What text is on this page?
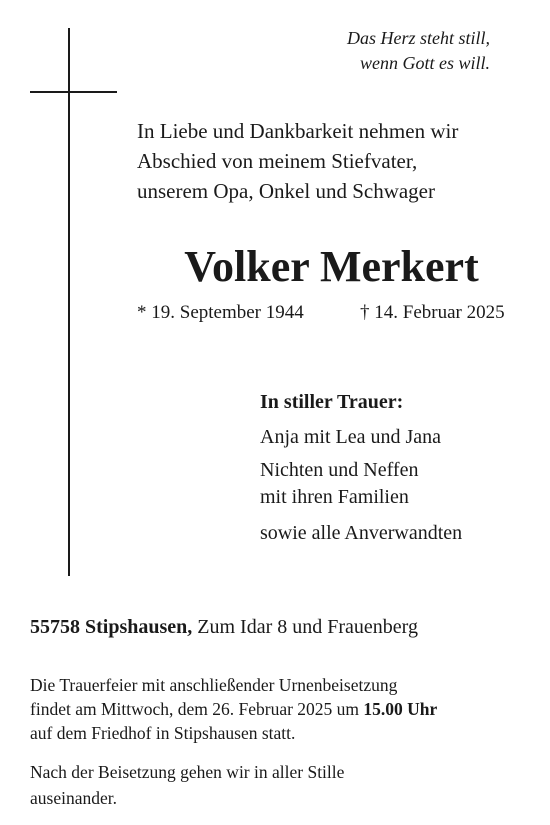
Das Herz steht still,
wenn Gott es will.
In Liebe und Dankbarkeit nehmen wir
Abschied von meinem Stiefvater,
unserem Opa, Onkel und Schwager
Volker Merkert
* 19. September 1944	† 14. Februar 2025
In stiller Trauer:
Anja mit Lea und Jana
Nichten und Neffen
mit ihren Familien
sowie alle Anverwandten
55758 Stipshausen, Zum Idar 8 und Frauenberg
Die Trauerfeier mit anschließender Urnenbeisetzung
findet am Mittwoch, dem 26. Februar 2025 um 15.00 Uhr
auf dem Friedhof in Stipshausen statt.
Nach der Beisetzung gehen wir in aller Stille
auseinander.
